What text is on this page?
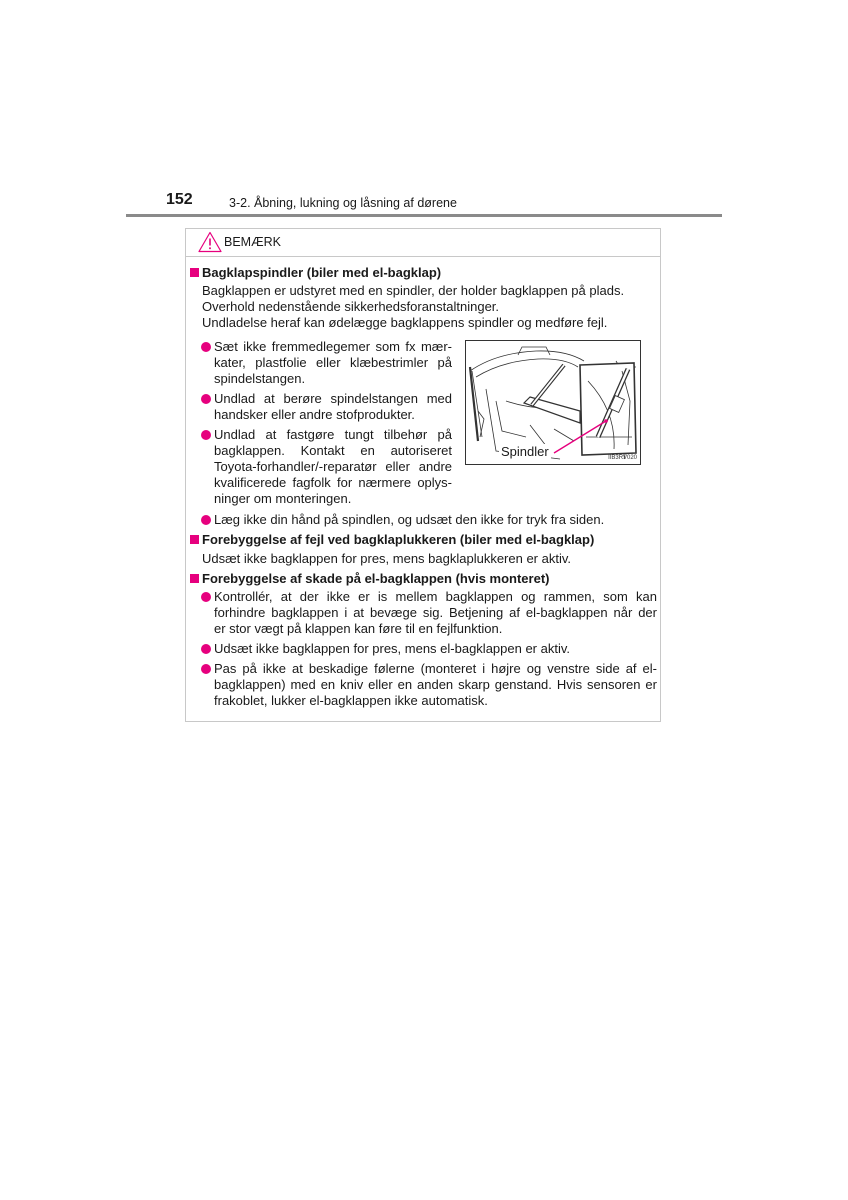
152	3-2. Åbning, lukning og låsning af dørene
BEMÆRK
Bagklapspindler (biler med el-bagklap)
Bagklappen er udstyret med en spindler, der holder bagklappen på plads.
Overhold nedenstående sikkerhedsforanstaltninger.
Undladelse heraf kan ødelægge bagklappens spindler og medføre fejl.
Sæt ikke fremmedlegemer som fx mær-
kater, plastfolie eller klæbestrimler på
spindelstangen.
Undlad at berøre spindelstangen med
handsker eller andre stofprodukter.
Undlad at fastgøre tungt tilbehør på
bagklappen. Kontakt en autoriseret
Toyota-forhandler/-reparatør eller andre
kvalificerede fagfolk for nærmere oplys-
ninger om monteringen.
Spindler	IIB3RV020
Læg ikke din hånd på spindlen, og udsæt den ikke for tryk fra siden.
Forebyggelse af fejl ved bagklaplukkeren (biler med el-bagklap)
Udsæt ikke bagklappen for pres, mens bagklaplukkeren er aktiv.
Forebyggelse af skade på el-bagklappen (hvis monteret)
Kontrollér, at der ikke er is mellem bagklappen og rammen, som kan
forhindre bagklappen i at bevæge sig. Betjening af el-bagklappen når der
er stor vægt på klappen kan føre til en fejlfunktion.
Udsæt ikke bagklappen for pres, mens el-bagklappen er aktiv.
Pas på ikke at beskadige følerne (monteret i højre og venstre side af el-
bagklappen) med en kniv eller en anden skarp genstand. Hvis sensoren er
frakoblet, lukker el-bagklappen ikke automatisk.
